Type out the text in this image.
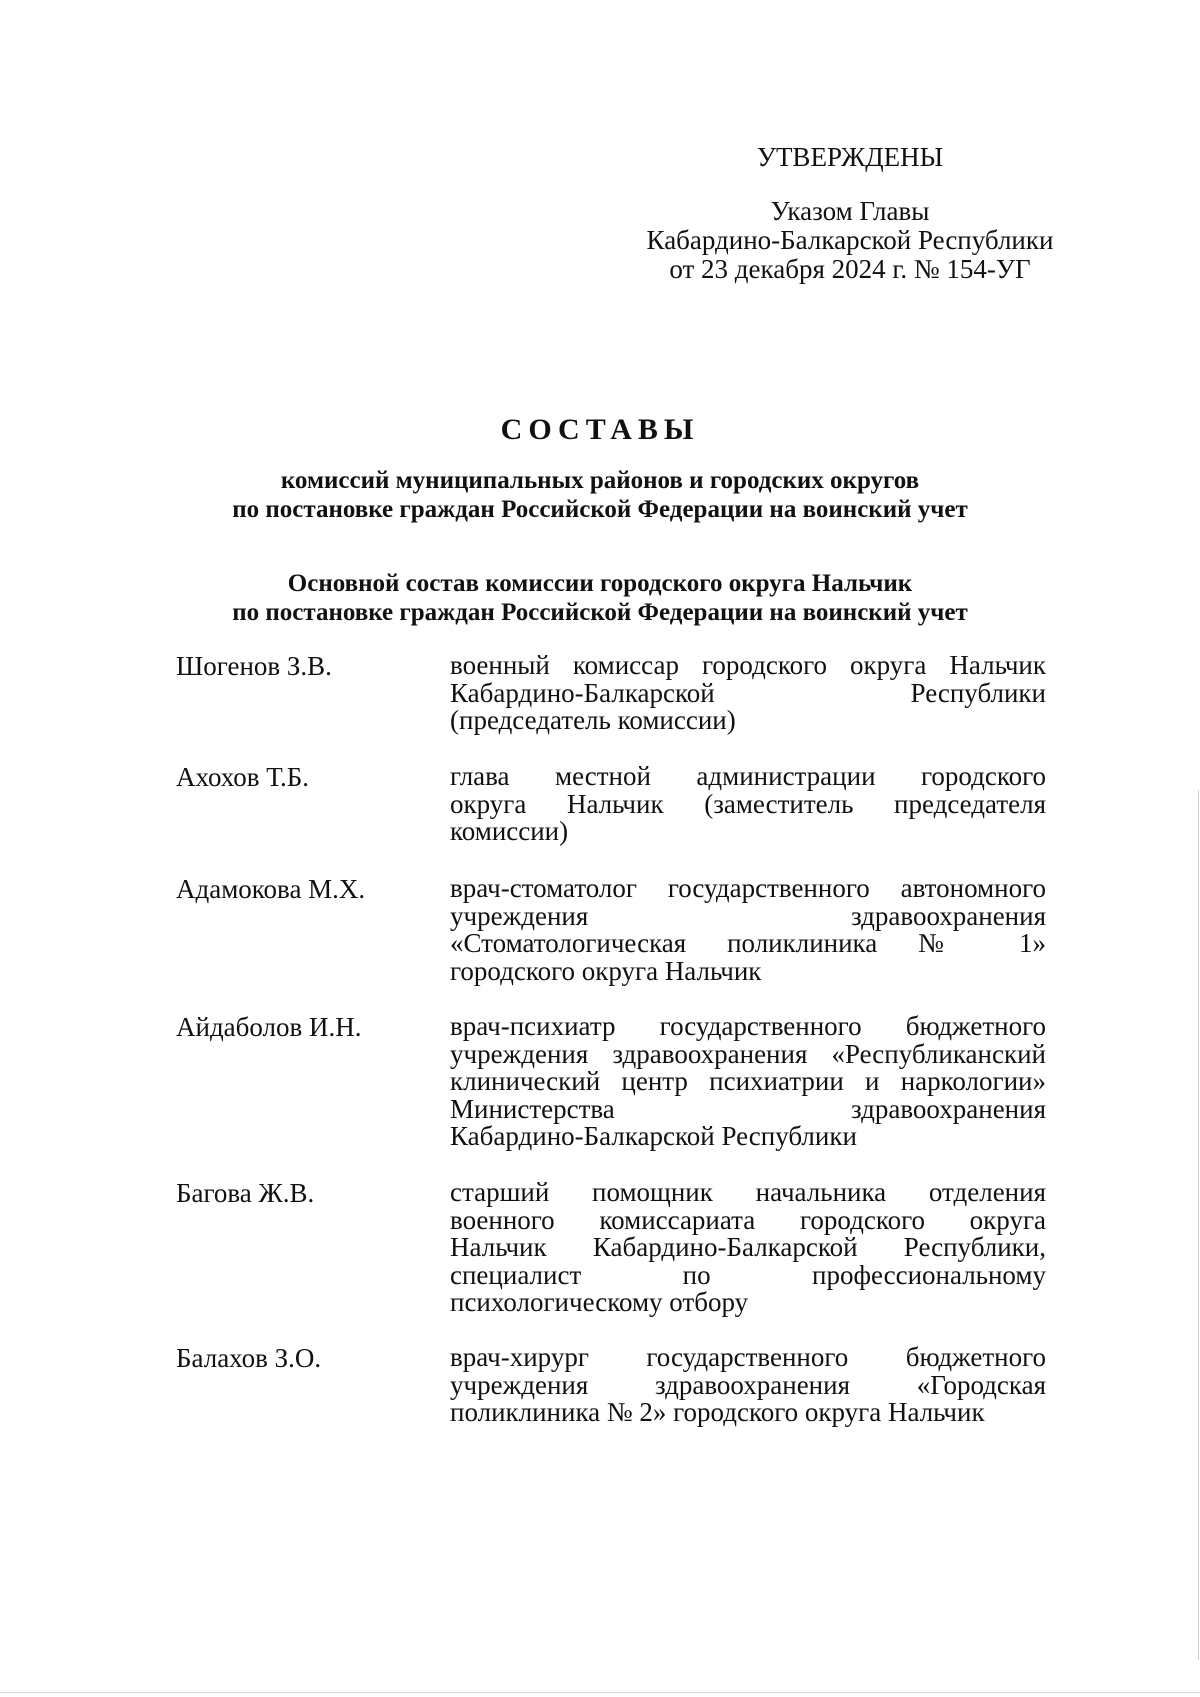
УТВЕРЖДЕНЫ
Указом Главы
Кабардино-Балкарской Республики
от 23 декабря 2024 г. № 154-УГ
СОСТАВЫ
комиссий муниципальных районов и городских округов
по постановке граждан Российской Федерации на воинский учет
Основной состав комиссии городского округа Нальчик
по постановке граждан Российской Федерации на воинский учет
Шогенов З.В.	военный комиссар городского округа Нальчик
Кабардино-Балкарской Республики
(председатель комиссии)
Ахохов Т.Б.	глава местной администрации городского
округа Нальчик (заместитель председателя
комиссии)
Адамокова М.Х.	врач-стоматолог государственного автономного
учреждения здравоохранения
«Стоматологическая поликлиника № 1»
городского округа Нальчик
Айдаболов И.Н.	врач-психиатр государственного бюджетного
учреждения здравоохранения «Республиканский
клинический центр психиатрии и наркологии»
Министерства здравоохранения
Кабардино-Балкарской Республики
Багова Ж.В.	старший помощник начальника отделения
военного комиссариата городского округа
Нальчик Кабардино-Балкарской Республики,
специалист по профессиональному
психологическому отбору
Балахов З.О.	врач-хирург государственного бюджетного
учреждения здравоохранения «Городская
поликлиника № 2» городского округа Нальчик
